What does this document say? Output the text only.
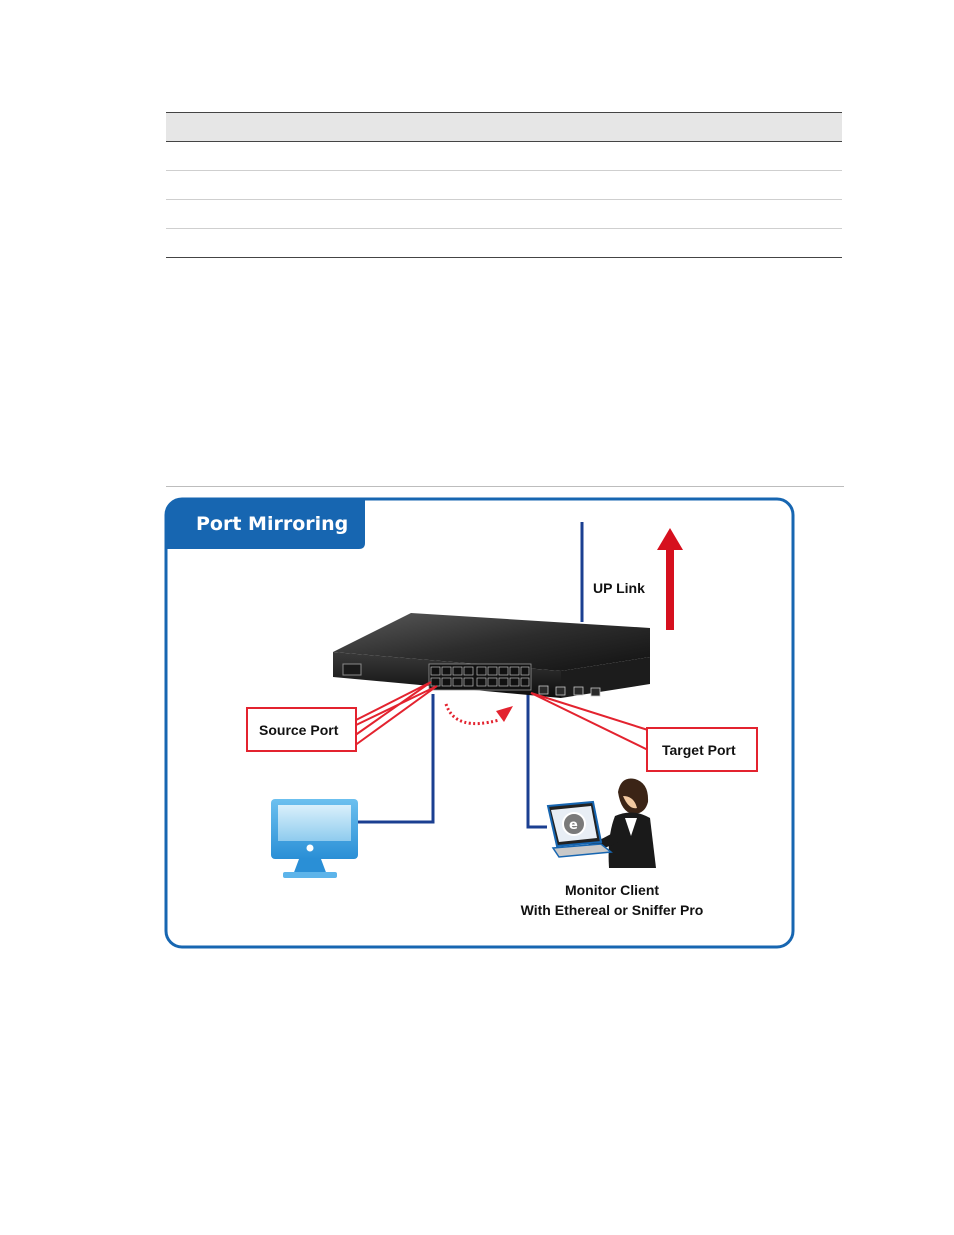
Port Mirroring
UP Link
Source Port
Target Port
e
Monitor Client
With Ethereal or Sniffer Pro
